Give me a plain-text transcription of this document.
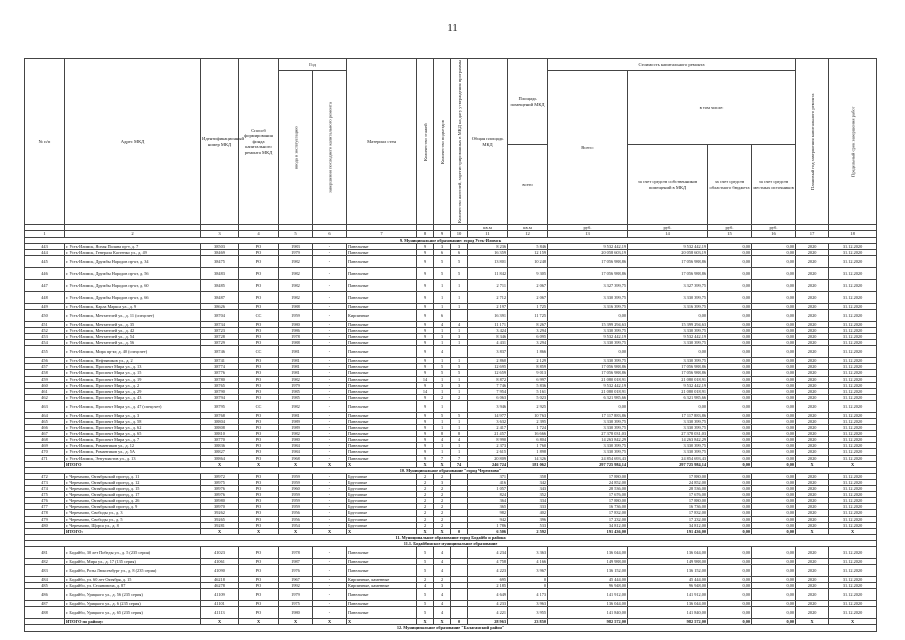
11
№ п/п	Адрес МКД	Идентификационный номер МКД	Способ формирования фонда капитального ремонта МКД	Год		Материал стен	Количество этажей	Количество подъездов	Количество жителей, зарегистрированных в МКД на дату утверждения программы	Общая площадь МКД	Площадь помещений МКД	Стоимость капитального ремонта				Плановый год завершения капитального ремонта	Предельный срок завершения работ
				ввода в эксплуатацию	завершения последнего капитального ремонта							Всего:	в том числе:				
											всего		за счет средств собственников помещений в МКД	за счет средств областного бюджета	за счет средств местных источников		
										кв.м	кв.м	руб.	руб.	руб.	руб.		
1	2	3	4	5	6	7	8	9	10	11	12	13	14	15	16	17	18
9. Муниципальное образование: город Усть-Илимск																	
443	г. Усть-Илимск, Ясная Поляна пр-т, д. 7	38503	РО	1983	-	Панельные	9	3	3	8 236	5 846	9 532 442,19	9 532 442,19	0,00	0,00	2020	31.12.2020
444	г. Усть-Илимск, Генерала Кастенко ул., д. 49	38469	РО	1979	-	Панельные	9	6	6	16 359	12 159	20 058 603,19	20 058 603,19	0,00	0,00	2020	31.12.2020
445	г. Усть-Илимск, Дружбы Народов пр-кт, д. 34	38475	РО	1982	-	Панельные	9	5	5	13 801	10 248	17 056 988,86	17 056 988,86	0,00	0,00	2020	31.12.2020
446	г. Усть-Илимск, Дружбы Народов пр-кт, д. 56	38483	РО	1982	-	Панельные	9	5	5	11 842	9 305	17 056 988,86	17 056 988,86	0,00	0,00	2020	31.12.2020
447	г. Усть-Илимск, Дружбы Народов пр-кт, д. 60	38485	РО	1982	-	Панельные	9	1	1	2 711	2 067	3 327 399,75	3 327 399,75	0,00	0,00	2020	31.12.2020
448	г. Усть-Илимск, Дружбы Народов пр-кт, д. 66	38487	РО	1982	-	Панельные	9	1	1	2 712	2 067	3 330 399,75	3 330 399,75	0,00	0,00	2020	31.12.2020
449	г. Усть-Илимск, Карла Маркса ул., д. 9	38626	РО	1988	-	Панельные	9	1	1	2 197	1 725	3 316 399,75	3 316 399,75	0,00	0,00	2020	31.12.2020
450	г. Усть-Илимск, Мечтателей ул., д. 11 (спецсчет)	38704	СС	1959	-	Кирпичные	9	6		16 391	11 725	0,00	0,00	0,00	0,00	2020	31.12.2020
451	г. Усть-Илимск, Мечтателей ул., д. 35	38734	РО	1980	-	Панельные	9	4	4	11 171	8 267	15 399 294,63	15 399 294,63	0,00	0,00	2020	31.12.2020
452	г. Усть-Илимск, Мечтателей ул., д. 42	38723	РО	1986	-	Панельные	9	1	1	3 424	3 294	3 330 399,75	3 330 399,75	0,00	0,00	2020	31.12.2020
453	г. Усть-Илимск, Мечтателей ул., д. 54	38728	РО	1978	-	Панельные	9	3	3	8 346	6 095	9 532 442,19	9 532 442,19	0,00	0,00	2020	31.12.2020
454	г. Усть-Илимск, Мечтателей ул., д. 56	38729	РО	1988	-	Панельные	9	1	1	4 431	3 294	3 330 399,75	3 330 399,75	0,00	0,00	2020	31.12.2020
455	г. Усть-Илимск, Мира пр-кт, д. 40 (спецсчет)	38746	СС	1981	-	Панельные	9	4		3 837	1 866	0,00	0,00	0,00	0,00	2020	31.12.2020
456	г. Усть-Илимск, Нефтяников ул., д. 2	38741	РО	1981	-	Панельные	9	1	1	2 860	2 129	3 330 399,75	3 330 399,75	0,00	0,00	2020	31.12.2020
457	г. Усть-Илимск, Проспект Мира ул., д. 13	38774	РО	1981	-	Панельные	9	5	5	12 695	8 859	17 056 988,86	17 056 988,86	0,00	0,00	2020	31.12.2020
458	г. Усть-Илимск, Проспект Мира ул., д. 15	38776	РО	1981	-	Панельные	9	5	5	12 659	9 013	17 056 988,86	17 056 988,86	0,00	0,00	2020	31.12.2020
459	г. Усть-Илимск, Проспект Мира ул., д. 19	38780	РО	1982	-	Панельные	14	1	1	8 872	6 997	21 080 018,91	21 080 018,91	0,00	0,00	2020	31.12.2020
460	г. Усть-Илимск, Проспект Мира ул., д. 2	38765	РО	1979	-	Панельные	9	3	3	7 746	5 836	9 532 442,19	9 532 442,19	0,00	0,00	2020	31.12.2020
461	г. Усть-Илимск, Проспект Мира ул., д. 29	38790	РО	1985	-	Панельные	14	1	1	7 954	5 161	21 080 018,91	21 080 018,91	0,00	0,00	2020	31.12.2020
462	г. Усть-Илимск, Проспект Мира ул., д. 43	38794	РО	1985	-	Панельные	9	2	2	6 063	5 023	6 321 985,66	6 321 985,66	0,00	0,00	2020	31.12.2020
463	г. Усть-Илимск, Проспект Мира ул., д. 47 (спецсчет)	38795	СС	1982	-	Панельные	9	1		3 946	2 925	0,00	0,00	0,00	0,00	2020	31.12.2020
464	г. Усть-Илимск, Проспект Мира ул., д. 3	38768	РО	1981	-	Панельные	9	5	5	14 977	10 763	17 117 883,86	17 117 883,86	0,00	0,00	2020	31.12.2020
465	г. Усть-Илимск, Проспект Мира ул., д. 58	38804	РО	1989	-	Панельные	9	1	1	3 632	2 395	3 330 399,75	3 330 399,75	0,00	0,00	2020	31.12.2020
466	г. Усть-Илимск, Проспект Мира ул., д. 62	38808	РО	1989	-	Панельные	9	1	1	2 417	1 724	3 330 399,75	3 330 399,75	0,00	0,00	2020	31.12.2020
467	г. Усть-Илимск, Проспект Мира ул., д. 65	38810	РО	1982	-	Панельные	9	8	8	21 457	16 666	27 378 031,03	27 378 031,03	0,00	0,00	2020	31.12.2020
468	г. Усть-Илимск, Проспект Мира ул., д. 7	38770	РО	1980	-	Панельные	9	4	4	8 990	6 804	14 263 842,29	14 263 842,29	0,00	0,00	2020	31.12.2020
469	г. Усть-Илимск, Романтиков ул., д. 12	38836	РО	1984	-	Панельные	9	1	1	2 373	1 760	3 330 399,75	3 330 399,75	0,00	0,00	2020	31.12.2020
470	г. Усть-Илимск, Романтиков ул., д. 5А	38827	РО	1984	-	Панельные	9	1	1	2 615	1 898	3 330 399,75	3 330 399,75	0,00	0,00	2020	31.12.2020
471	г. Усть-Илимск, Энтузиастов ул., д. 13	38864	РО	1968	-	Панельные	9	7	7	20 809	14 326	24 854 693,43	24 854 693,43	0,00	0,00	2020	31.12.2020
	ИТОГО	X	X	X	X	X	X	X	74	246 724	181 062	297 725 984,14	297 725 984,14	0,00	0,00	X	X
10. Муниципальное образование "город Черемхово"																	
472	г. Черемхово, Октябрьский проезд, д. 11	38972	РО	1959	-	Брусчатые	2	2		371	358	17 880,00	17 880,00	0,00	0,00	2020	31.12.2020
473	г. Черемхово, Октябрьский проезд, д. 12	38975	РО	1959	-	Брусчатые	2	3		416	342	24 852,00	24 852,00	0,00	0,00	2020	31.12.2020
474	г. Черемхово, Октябрьский проезд, д. 15	38976	РО	1960	-	Брусчатые	2	2		1 057	343	28 536,00	28 536,00	0,00	0,00	2020	31.12.2020
475	г. Черемхово, Октябрьский проезд, д. 17	38976	РО	1959	-	Брусчатые	2	2		824	352	17 676,00	17 676,00	0,00	0,00	2020	31.12.2020
476	г. Черемхово, Октябрьский проезд, д. 26	38980	РО	1959	-	Брусчатые	2	2		364	334	17 880,00	17 880,00	0,00	0,00	2020	31.12.2020
477	г. Черемхово, Октябрьский проезд, д. 9	38970	РО	1959	-	Брусчатые	2	2		365	333	16 736,00	16 736,00	0,00	0,00	2020	31.12.2020
478	г. Черемхово, Свободы ул., д. 3	39262	РО	1956	-	Брусчатые	2	2		982	402	17 832,00	17 832,00	0,00	0,00	2020	31.12.2020
479	г. Черемхово, Свободы ул., д. 5	39265	РО	1956	-	Брусчатые	2	2		942	396	17 232,00	17 232,00	0,00	0,00	2020	31.12.2020
480	г. Черемхово, Щорса ул., д. 8	39281	РО	1954	-	Брусчатые	2	2		1 786	533	34 812,00	34 812,00	0,00	0,00	2020	31.12.2020
	ИТОГО:	X	X	X	X	X	X	X	0	6 506	2 592	191 436,00	191 436,00	0,00	0,00	X	X
11. Муниципальное образование город Бодайбо и района																	
11.1. Бодайбинское муниципальное образование																	
481	г. Бодайбо, 30 лет Победы ул., д. 5 (235 серия)	41023	РО	1978	-	Панельные	5	4		4 234	3 363	136 044,00	136 044,00	0,00	0,00	2020	31.12.2020
482	г. Бодайбо, Мира ул., д. 17 (135 серия)	41061	РО	1987	-	Панельные	5	4		4 758	4 166	149 988,00	149 988,00	0,00	0,00	2020	31.12.2020
483	г. Бодайбо, Розы Люксембург ул., д. 8 (235 серия)	41090	РО	1976	-	Панельные	5	4		4 223	3 967	136 152,00	136 152,00	0,00	0,00	2020	31.12.2020
484	г. Бодайбо, ул. 60 лет Октября, д. 15	46218	РО	1967	-	Кирпичные, каменные	2	2		695	0	45 444,00	45 444,00	0,00	0,00	2020	31.12.2020
485	г. Бодайбо, ул. Стояновича, д. 87	46278	РО	1992	-	Кирпичные, каменные	4	3		2 185	0	96 948,00	96 948,00	0,00	0,00	2020	31.12.2020
486	г. Бодайбо, Урицкого ул., д. 56 (235 серия)	41109	РО	1979	-	Панельные	5	4		4 649	4 173	141 912,00	141 912,00	0,00	0,00	2020	31.12.2020
487	г. Бодайбо, Урицкого ул., д. 6 (235 серия)	41101	РО	1975	-	Панельные	5	4		4 233	3 963	136 044,00	136 044,00	0,00	0,00	2020	31.12.2020
488	г. Бодайбо, Урицкого ул., д. 65 (235 серия)	41113	РО	1980	-	Панельные	5	4		4 221	3 955	141 840,00	141 840,00	0,00	0,00	2020	31.12.2020
	ИТОГО по району:	X	X	X	X	X	X	X	0	28 963	23 850	982 572,00	982 572,00	0,00	0,00	X	X
12. Муниципальное образование "Балаганский район"																	
